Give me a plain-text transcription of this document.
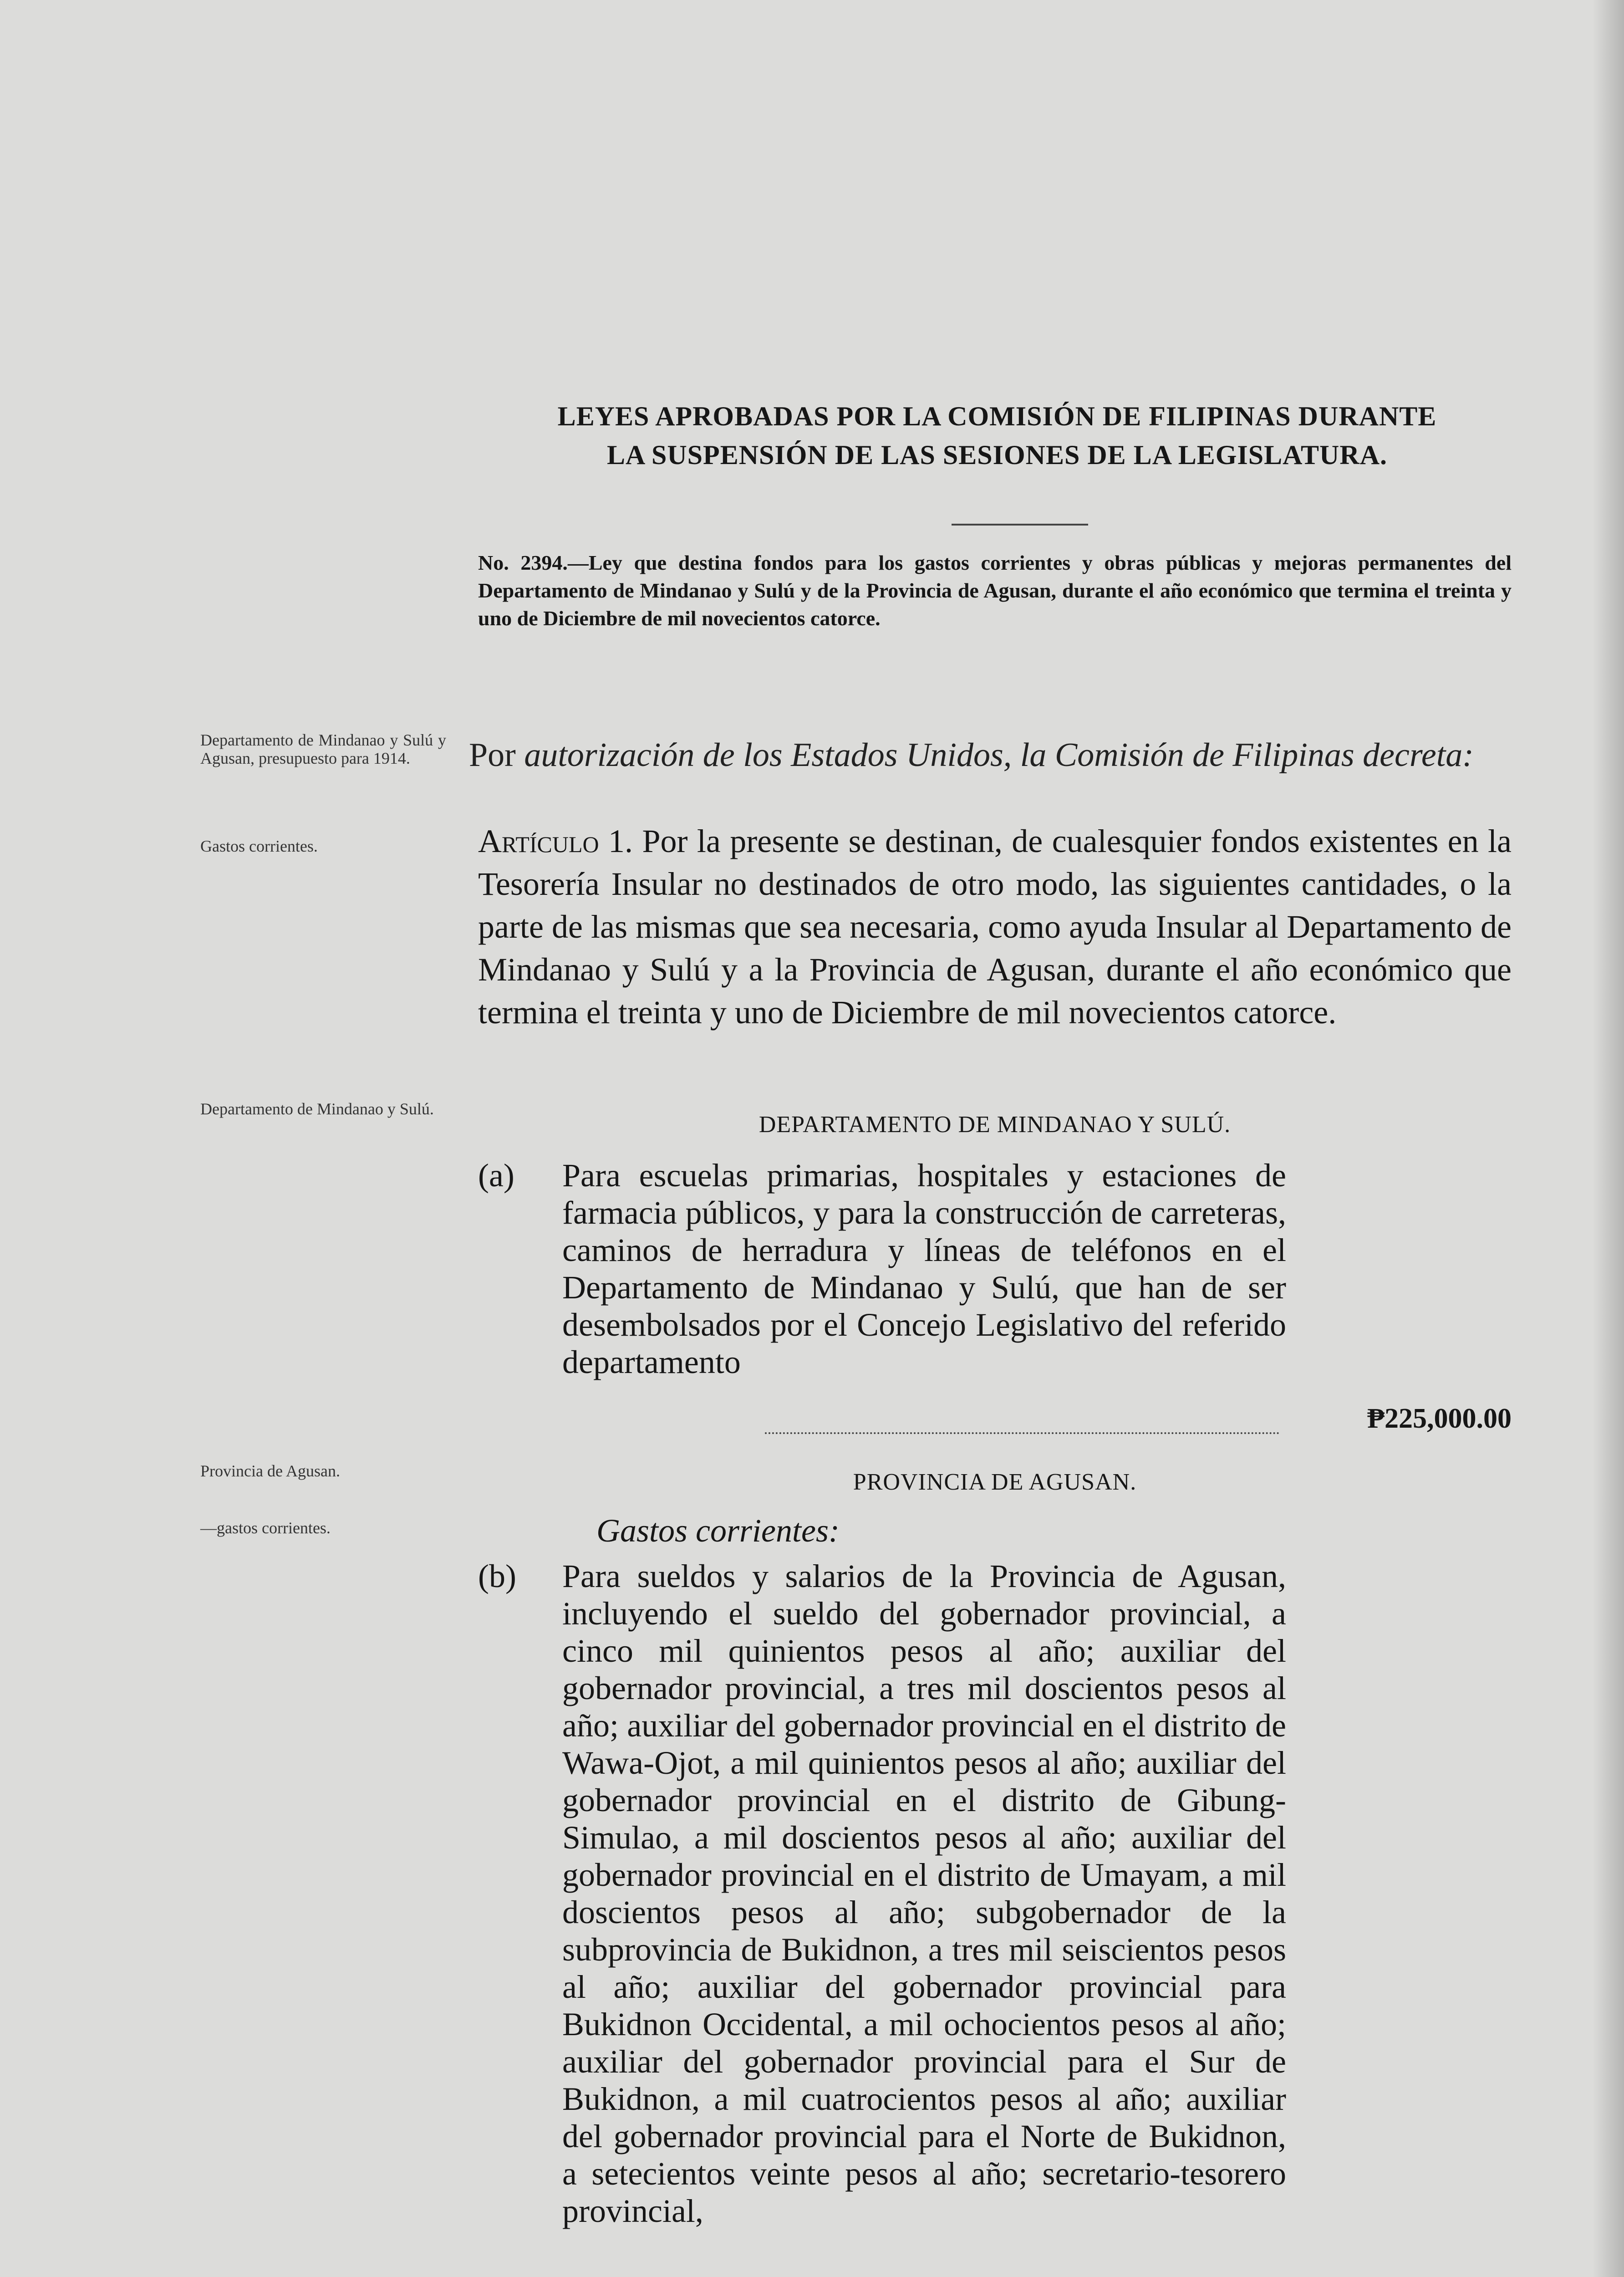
LEYES APROBADAS POR LA COMISIÓN DE FILIPINAS DURANTE
LA SUSPENSIÓN DE LAS SESIONES DE LA LEGISLATURA.
No. 2394.—Ley que destina fondos para los gastos corrientes y obras públicas y mejoras permanentes del Departamento de Mindanao y Sulú y de la Provincia de Agusan, durante el año económico que termina el treinta y uno de Diciembre de mil novecientos catorce.
Departamento de Mindanao y Sulú y Agusan, presupuesto para 1914.
Gastos corrientes.
Por autorización de los Estados Unidos, la Comisión de Filipinas decreta:
Artículo 1. Por la presente se destinan, de cualesquier fondos existentes en la Tesorería Insular no destinados de otro modo, las siguientes cantidades, o la parte de las mismas que sea necesaria, como ayuda Insular al Departamento de Mindanao y Sulú y a la Provincia de Agusan, durante el año económico que termina el treinta y uno de Diciembre de mil novecientos catorce.
Departamento de Mindanao y Sulú.
DEPARTAMENTO DE MINDANAO Y SULÚ.
(a) Para escuelas primarias, hospitales y estaciones de farmacia públicos, y para la construcción de carreteras, caminos de herradura y líneas de teléfonos en el Departamento de Mindanao y Sulú, que han de ser desembolsados por el Concejo Legislativo del referido departamento
₱225,000.00
Provincia de Agusan.
—gastos corrientes.
PROVINCIA DE AGUSAN.
Gastos corrientes:
(b) Para sueldos y salarios de la Provincia de Agusan, incluyendo el sueldo del gobernador provincial, a cinco mil quinientos pesos al año; auxiliar del gobernador provincial, a tres mil doscientos pesos al año; auxiliar del gobernador provincial en el distrito de Wawa-Ojot, a mil quinientos pesos al año; auxiliar del gobernador provincial en el distrito de Gibung-Simulao, a mil doscientos pesos al año; auxiliar del gobernador provincial en el distrito de Umayam, a mil doscientos pesos al año; subgobernador de la subprovincia de Bukidnon, a tres mil seiscientos pesos al año; auxiliar del gobernador provincial para Bukidnon Occidental, a mil ochocientos pesos al año; auxiliar del gobernador provincial para el Sur de Bukidnon, a mil cuatrocientos pesos al año; auxiliar del gobernador provincial para el Norte de Bukidnon, a setecientos veinte pesos al año; secretario-tesorero provincial,
